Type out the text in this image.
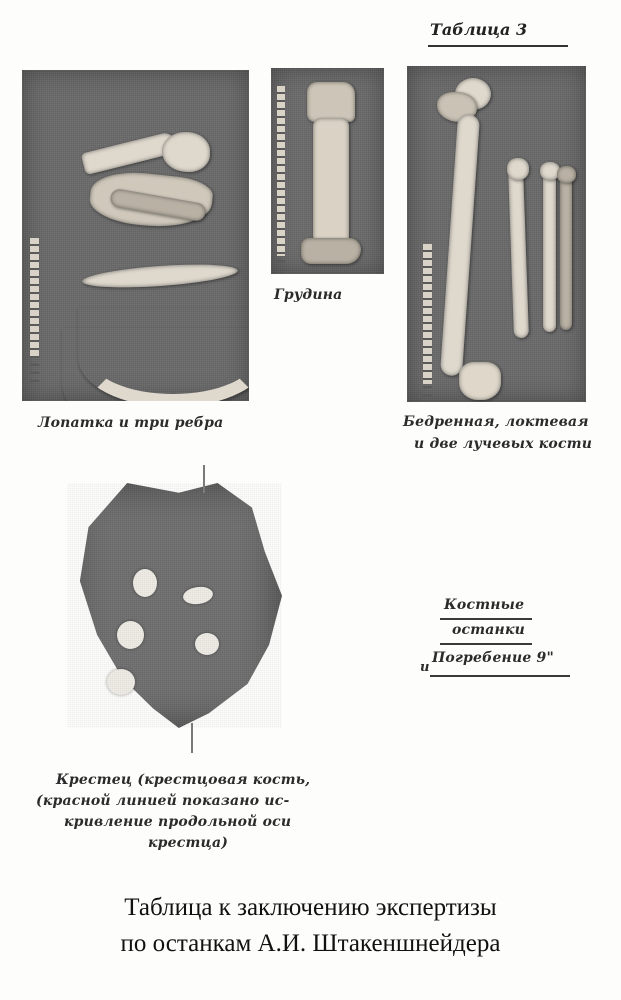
Таблица 3
Лопатка и три ребра
Грудина
Бедренная, локтевая
и две лучевых кости
Крестец (крестцовая кость,
(красной линией показано ис-
кривление продольной оси
крестца)
Костные
останки
и
Погребение 9"
Таблица к заключению экспертизы
по останкам А.И. Штакеншнейдера
